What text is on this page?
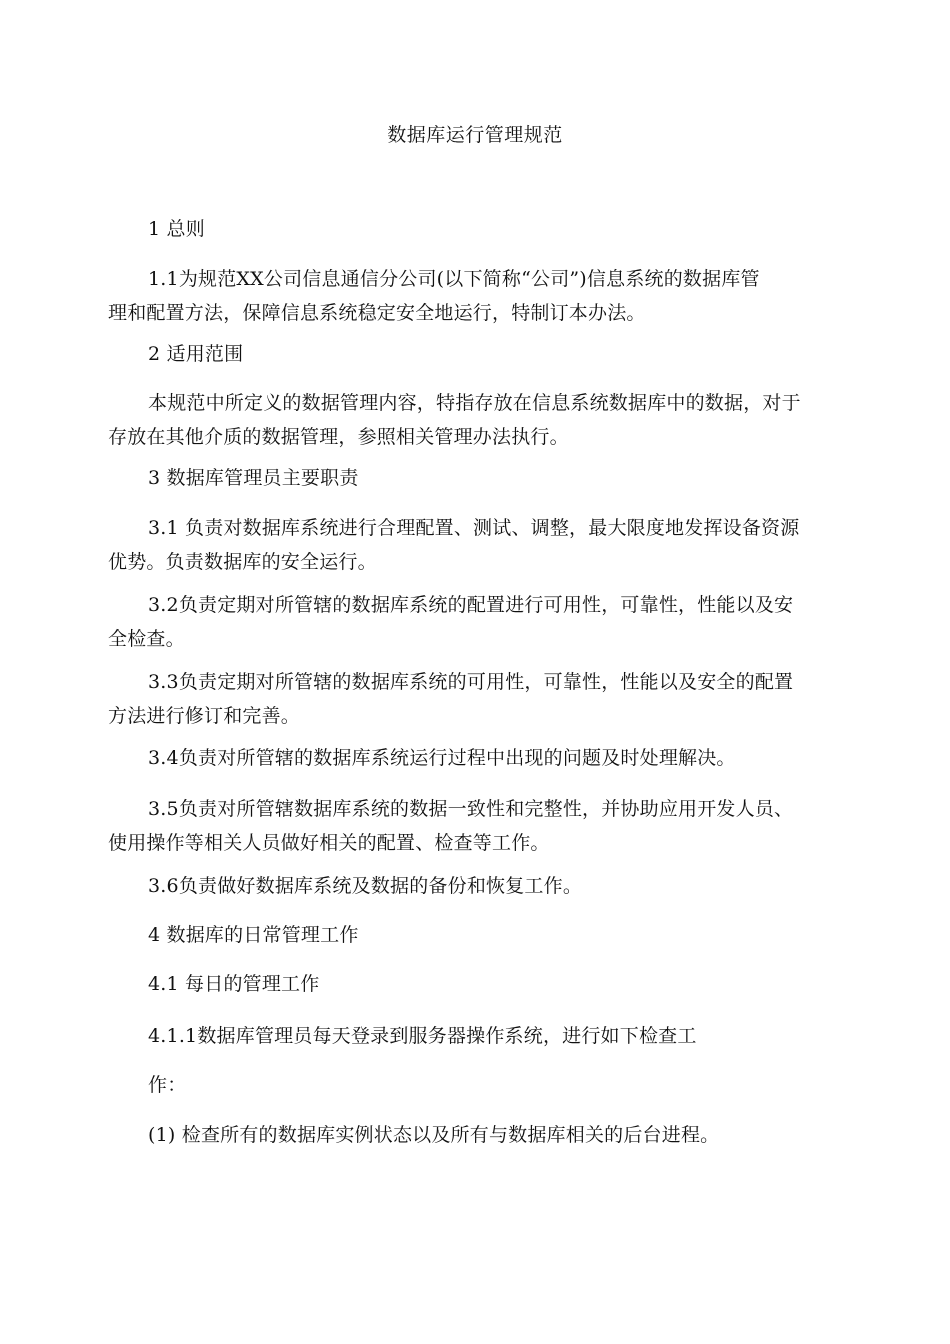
数据库运行管理规范
1 总则
1.1为规范XX公司信息通信分公司(以下简称“公司”)信息系统的数据库管
理和配置方法，保障信息系统稳定安全地运行，特制订本办法。
2 适用范围
本规范中所定义的数据管理内容，特指存放在信息系统数据库中的数据，对于
存放在其他介质的数据管理，参照相关管理办法执行。
3 数据库管理员主要职责
3.1 负责对数据库系统进行合理配置、测试、调整，最大限度地发挥设备资源
优势。负责数据库的安全运行。
3.2负责定期对所管辖的数据库系统的配置进行可用性，可靠性，性能以及安
全检查。
3.3负责定期对所管辖的数据库系统的可用性，可靠性，性能以及安全的配置
方法进行修订和完善。
3.4负责对所管辖的数据库系统运行过程中出现的问题及时处理解决。
3.5负责对所管辖数据库系统的数据一致性和完整性，并协助应用开发人员、
使用操作等相关人员做好相关的配置、检查等工作。
3.6负责做好数据库系统及数据的备份和恢复工作。
4 数据库的日常管理工作
4.1 每日的管理工作
4.1.1数据库管理员每天登录到服务器操作系统，进行如下检查工
作：
(1) 检查所有的数据库实例状态以及所有与数据库相关的后台进程。
